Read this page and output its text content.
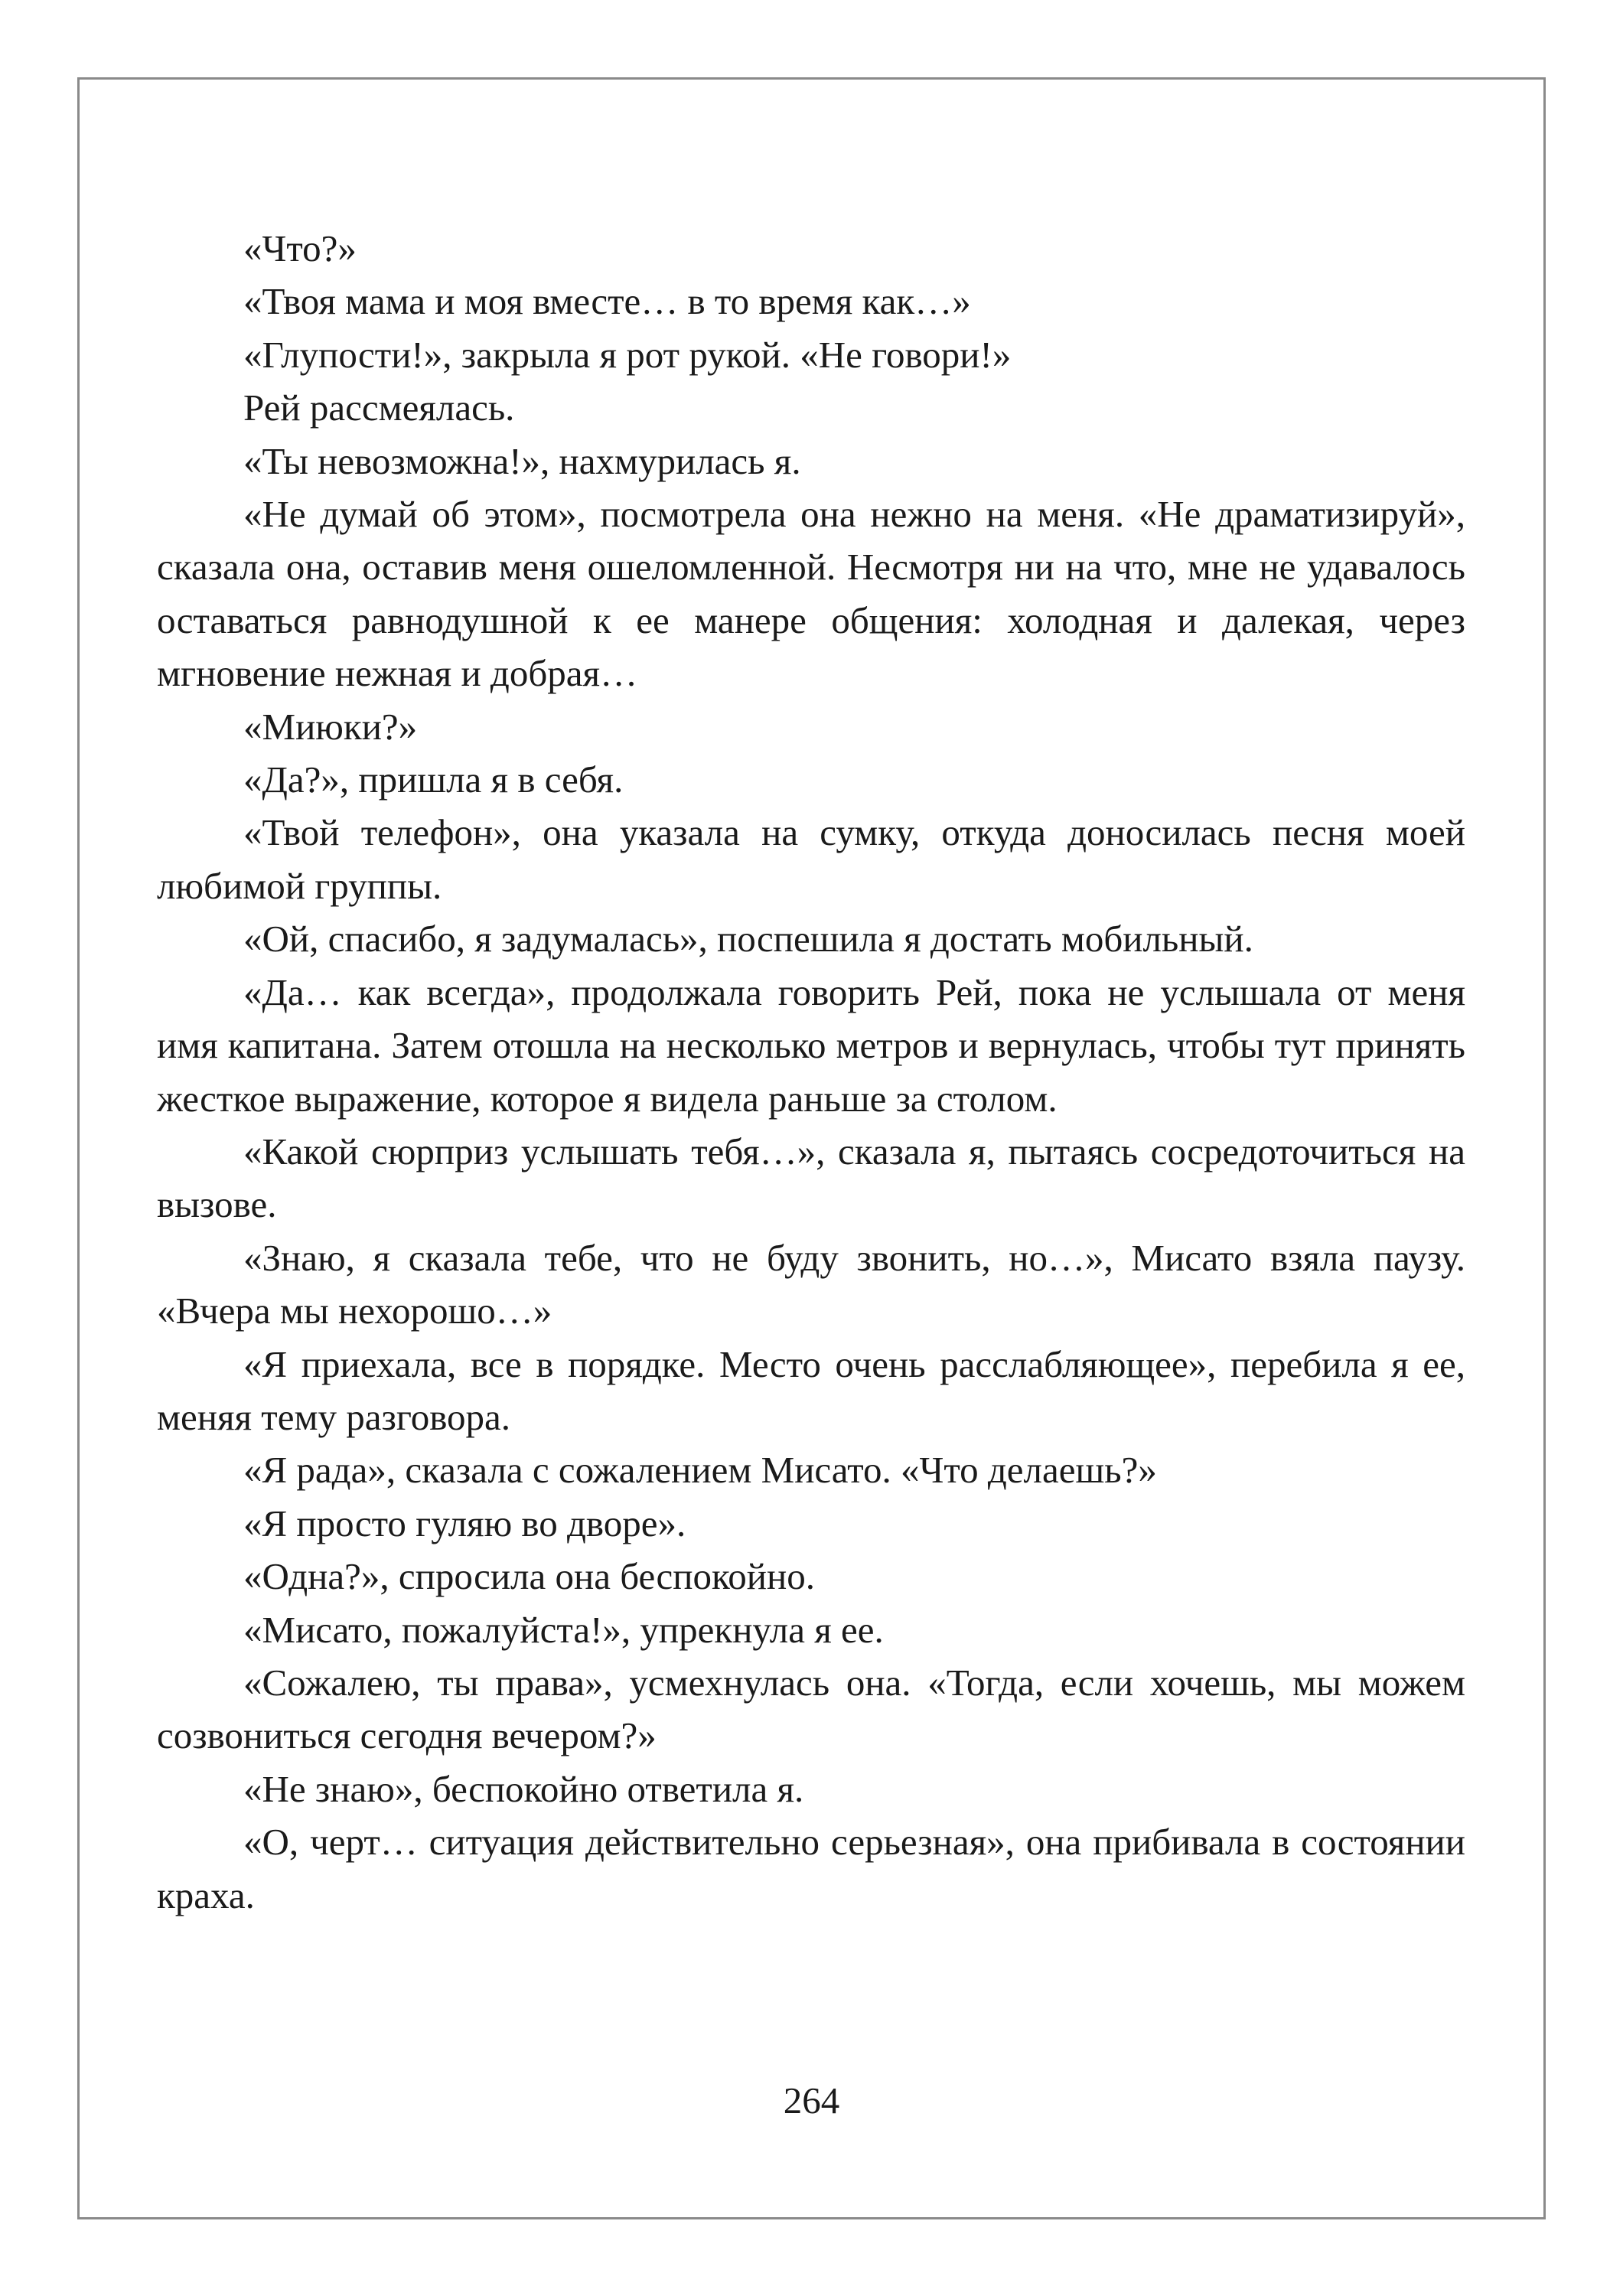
«Что?»

«Твоя мама и моя вместе… в то время как…»

«Глупости!», закрыла я рот рукой. «Не говори!»

Рей рассмеялась.

«Ты невозможна!», нахмурилась я.

«Не думай об этом», посмотрела она нежно на меня. «Не драматизируй», сказала она, оставив меня ошеломленной. Несмотря ни на что, мне не удавалось оставаться равнодушной к ее манере общения: холодная и далекая, через мгновение нежная и добрая…

«Миюки?»

«Да?», пришла я в себя.

«Твой телефон», она указала на сумку, откуда доносилась песня моей любимой группы.

«Ой, спасибо, я задумалась», поспешила я достать мобильный.

«Да… как всегда», продолжала говорить Рей, пока не услышала от меня имя капитана. Затем отошла на несколько метров и вернулась, чтобы тут принять жесткое выражение, которое я видела раньше за столом.

«Какой сюрприз услышать тебя…», сказала я, пытаясь сосредоточиться на вызове.

«Знаю, я сказала тебе, что не буду звонить, но…», Мисато взяла паузу. «Вчера мы нехорошо…»

«Я приехала, все в порядке. Место очень расслабляющее», перебила я ее, меняя тему разговора.

«Я рада», сказала с сожалением Мисато. «Что делаешь?»

«Я просто гуляю во дворе».

«Одна?», спросила она беспокойно.

«Мисато, пожалуйста!», упрекнула я ее.

«Сожалею, ты права», усмехнулась она. «Тогда, если хочешь, мы можем созвониться сегодня вечером?»

«Не знаю», беспокойно ответила я.

«О, черт… ситуация действительно серьезная», она прибивала в состоянии краха.

264
